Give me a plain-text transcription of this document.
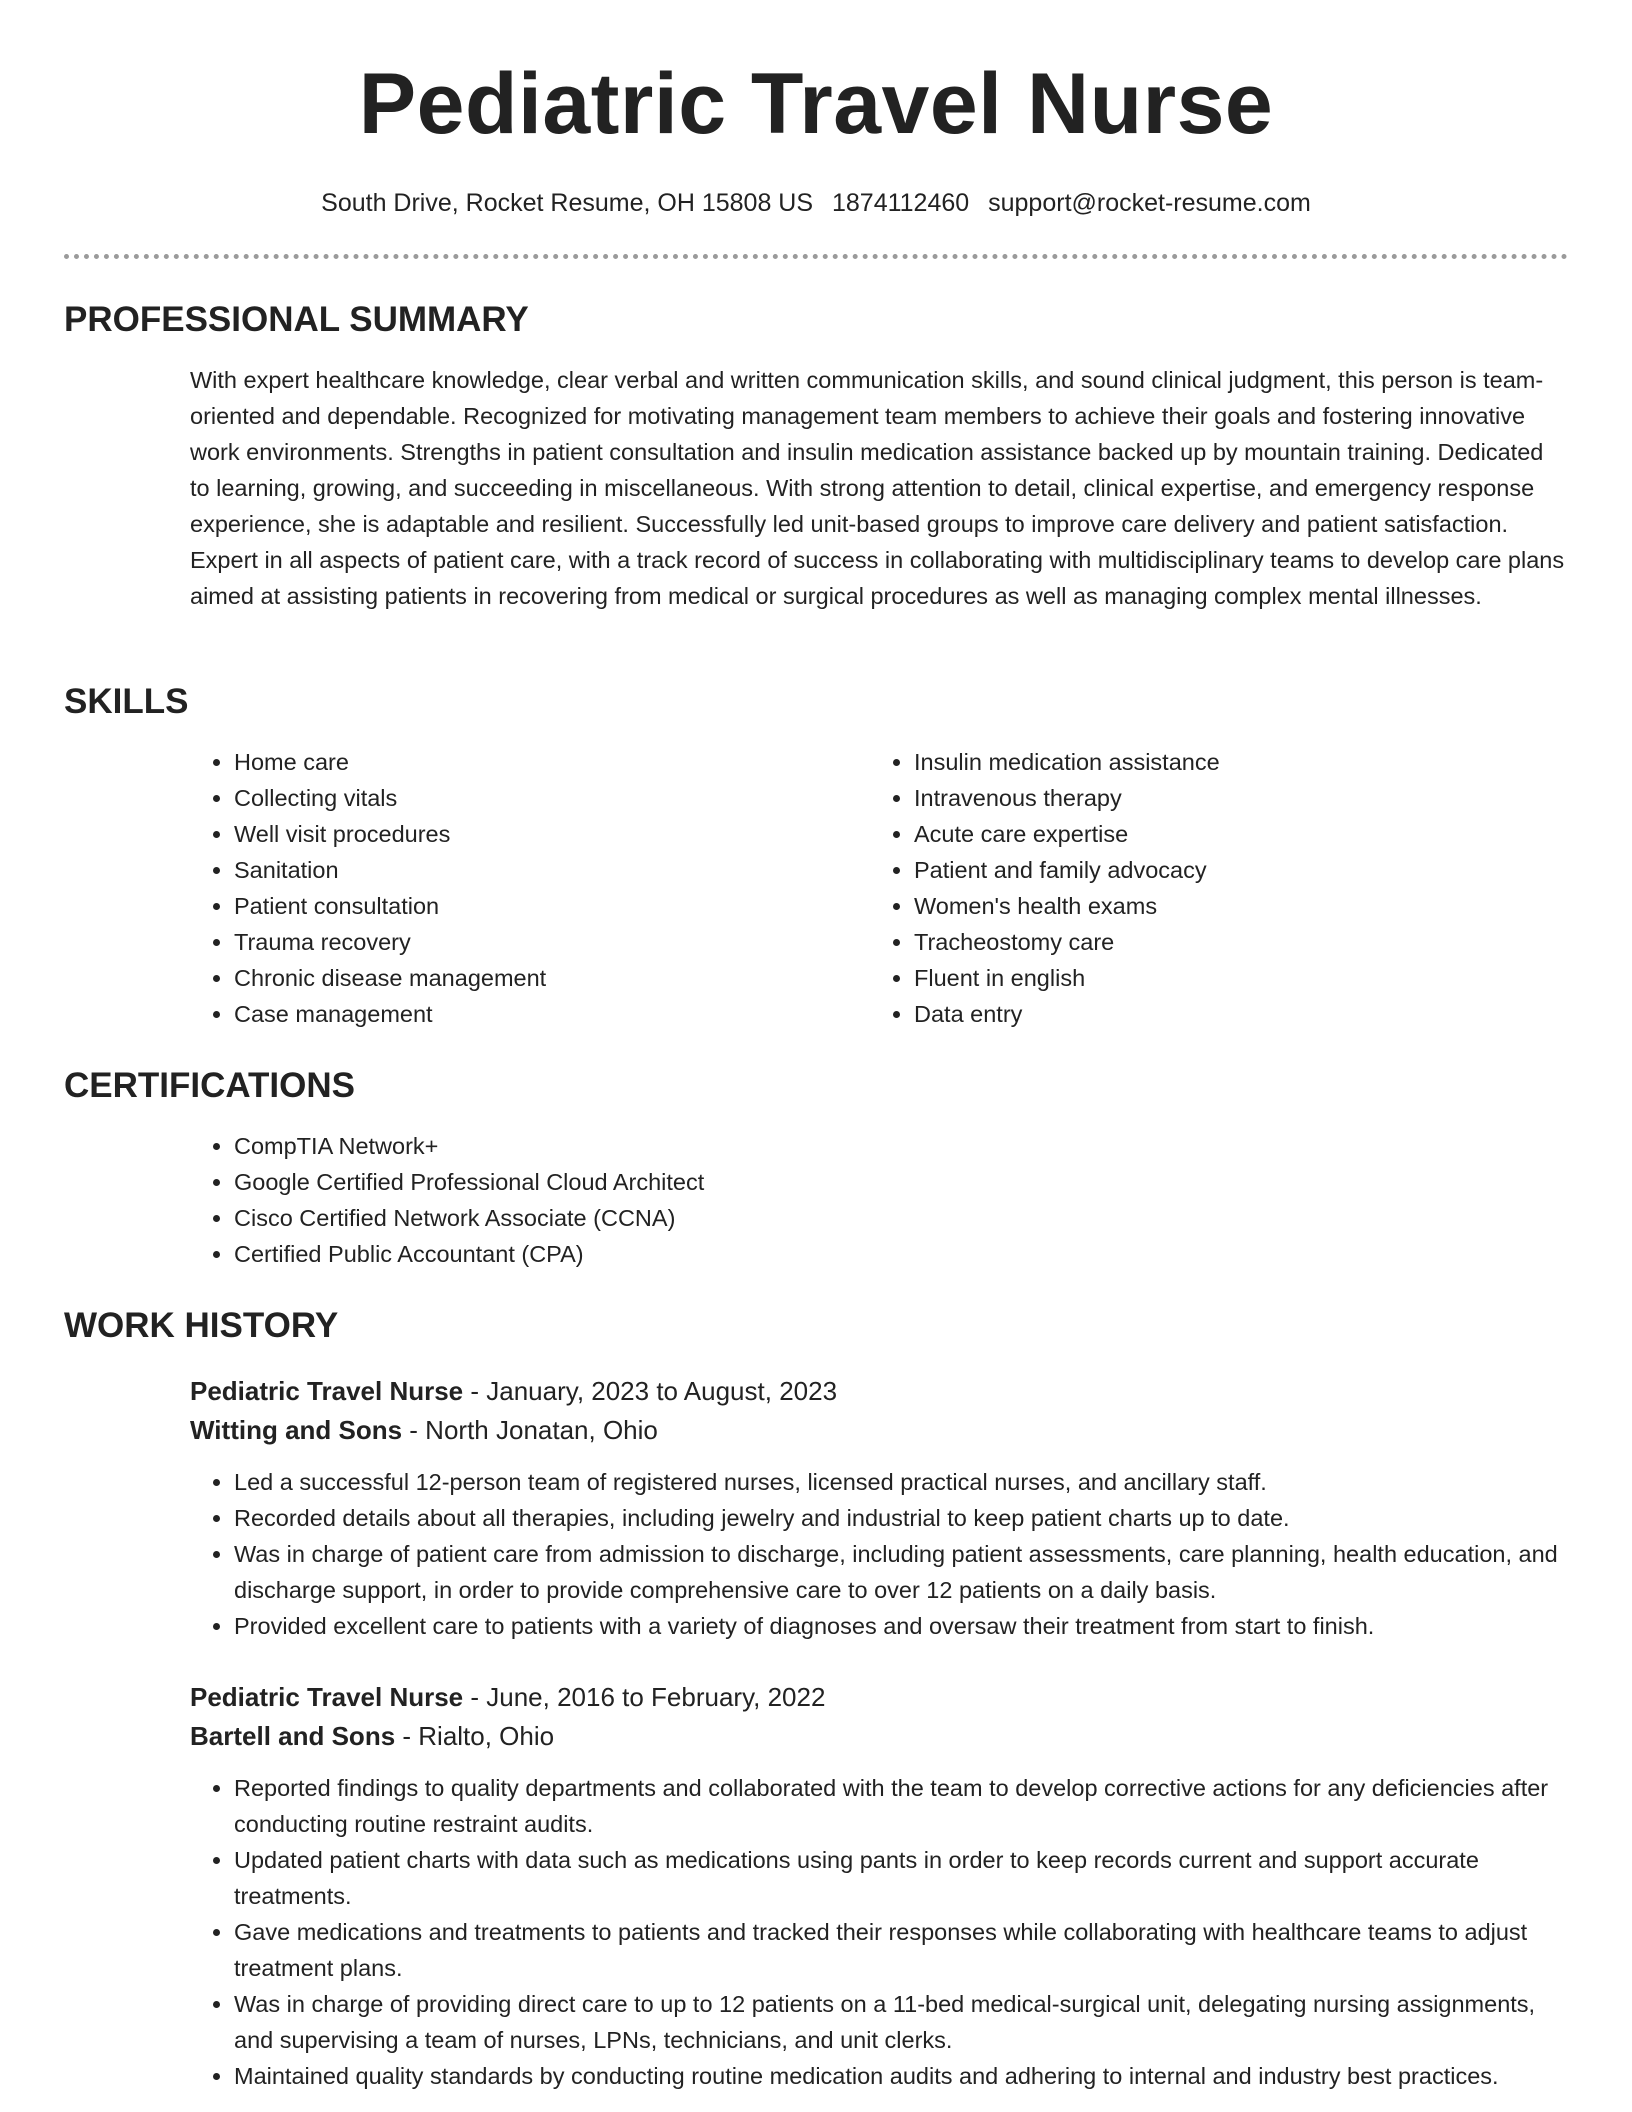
Pediatric Travel Nurse
South Drive, Rocket Resume, OH 15808 US 1874112460 support@rocket-resume.com
PROFESSIONAL SUMMARY

With expert healthcare knowledge, clear verbal and written communication skills, and sound clinical judgment, this person is team-oriented and dependable. Recognized for motivating management team members to achieve their goals and fostering innovative work environments. Strengths in patient consultation and insulin medication assistance backed up by mountain training. Dedicated to learning, growing, and succeeding in miscellaneous. With strong attention to detail, clinical expertise, and emergency response experience, she is adaptable and resilient. Successfully led unit-based groups to improve care delivery and patient satisfaction. Expert in all aspects of patient care, with a track record of success in collaborating with multidisciplinary teams to develop care plans aimed at assisting patients in recovering from medical or surgical procedures as well as managing complex mental illnesses.

SKILLS
• Home care
• Collecting vitals
• Well visit procedures
• Sanitation
• Patient consultation
• Trauma recovery
• Chronic disease management
• Case management
• Insulin medication assistance
• Intravenous therapy
• Acute care expertise
• Patient and family advocacy
• Women's health exams
• Tracheostomy care
• Fluent in english
• Data entry
CERTIFICATIONS
• CompTIA Network+
• Google Certified Professional Cloud Architect
• Cisco Certified Network Associate (CCNA)
• Certified Public Accountant (CPA)
WORK HISTORY
Pediatric Travel Nurse - January, 2023 to August, 2023
Witting and Sons - North Jonatan, Ohio
• Led a successful 12-person team of registered nurses, licensed practical nurses, and ancillary staff.
• Recorded details about all therapies, including jewelry and industrial to keep patient charts up to date.
• Was in charge of patient care from admission to discharge, including patient assessments, care planning, health education, and discharge support, in order to provide comprehensive care to over 12 patients on a daily basis.
• Provided excellent care to patients with a variety of diagnoses and oversaw their treatment from start to finish.
Pediatric Travel Nurse - June, 2016 to February, 2022
Bartell and Sons - Rialto, Ohio
• Reported findings to quality departments and collaborated with the team to develop corrective actions for any deficiencies after conducting routine restraint audits.
• Updated patient charts with data such as medications using pants in order to keep records current and support accurate treatments.
• Gave medications and treatments to patients and tracked their responses while collaborating with healthcare teams to adjust treatment plans.
• Was in charge of providing direct care to up to 12 patients on a 11-bed medical-surgical unit, delegating nursing assignments, and supervising a team of nurses, LPNs, technicians, and unit clerks.
• Maintained quality standards by conducting routine medication audits and adhering to internal and industry best practices.
